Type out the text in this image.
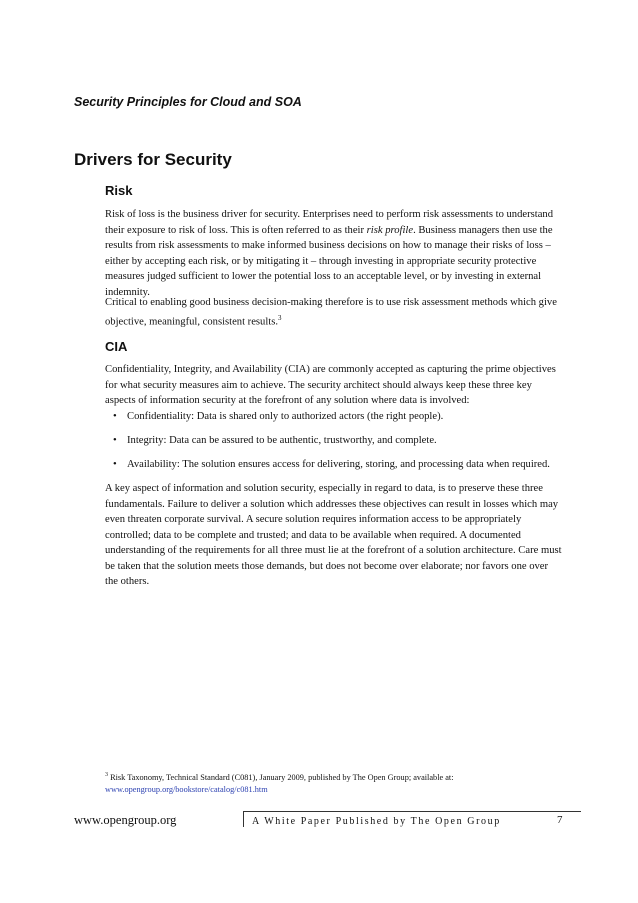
Security Principles for Cloud and SOA
Drivers for Security
Risk

Risk of loss is the business driver for security. Enterprises need to perform risk assessments to understand their exposure to risk of loss. This is often referred to as their risk profile. Business managers then use the results from risk assessments to make informed business decisions on how to manage their risks of loss – either by accepting each risk, or by mitigating it – through investing in appropriate security protective measures judged sufficient to lower the potential loss to an acceptable level, or by investing in external indemnity.

Critical to enabling good business decision-making therefore is to use risk assessment methods which give objective, meaningful, consistent results.$^3$

CIA

Confidentiality, Integrity, and Availability (CIA) are commonly accepted as capturing the prime objectives for what security measures aim to achieve. The security architect should always keep these three key aspects of information security at the forefront of any solution where data is involved:

• Confidentiality: Data is shared only to authorized actors (the right people).
• Integrity: Data can be assured to be authentic, trustworthy, and complete.
• Availability: The solution ensures access for delivering, storing, and processing data when required.

A key aspect of information and solution security, especially in regard to data, is to preserve these three fundamentals. Failure to deliver a solution which addresses these objectives can result in losses which may even threaten corporate survival. A secure solution requires information access to be appropriately controlled; data to be complete and trusted; and data to be available when required. A documented understanding of the requirements for all three must lie at the forefront of a solution architecture. Care must be taken that the solution meets those demands, but does not become over elaborate; nor favors one over the others.

$^3$ Risk Taxonomy, Technical Standard (C081), January 2009, published by The Open Group; available at:
www.opengroup.org/bookstore/catalog/c081.htm
www.opengroup.org	A White Paper Published by The Open Group	7
